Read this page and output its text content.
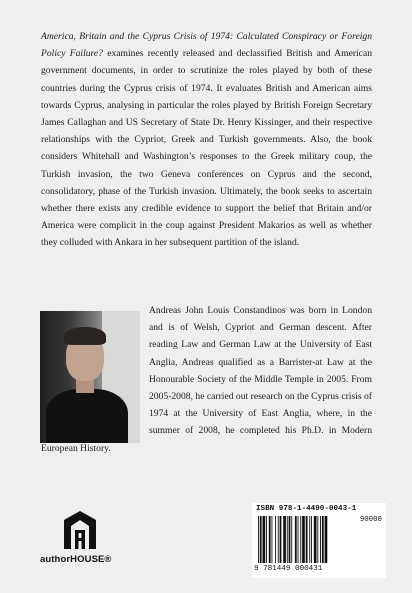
America, Britain and the Cyprus Crisis of 1974: Calculated Conspiracy or Foreign Policy Failure? examines recently released and declassified British and American government documents, in order to scrutinize the roles played by both of these countries during the Cyprus crisis of 1974. It evaluates British and American aims towards Cyprus, analysing in particular the roles played by British Foreign Secretary James Callaghan and US Secretary of State Dr. Henry Kissinger, and their respective relationships with the Cypriot, Greek and Turkish governments. Also, the book considers Whitehall and Washington’s responses to the Greek military coup, the Turkish invasion, the two Geneva conferences on Cyprus and the second, consolidatory, phase of the Turkish invasion. Ultimately, the book seeks to ascertain whether there exists any credible evidence to support the belief that Britain and/or America were complicit in the coup against President Makarios as well as whether they colluded with Ankara in her subsequent partition of the island.

Andreas John Louis Constandinos was born in London and is of Welsh, Cypriot and German descent. After reading Law and German Law at the University of East Anglia, Andreas qualified as a Barrister-at Law at the Honourable Society of the Middle Temple in 2005. From 2005-2008, he carried out research on the Cyprus crisis of 1974 at the University of East Anglia, where, in the summer of 2008, he completed his Ph.D. in Modern European History.

authorHOUSE®
ISBN 978-1-4490-0043-1
90000
9 781449 000431
